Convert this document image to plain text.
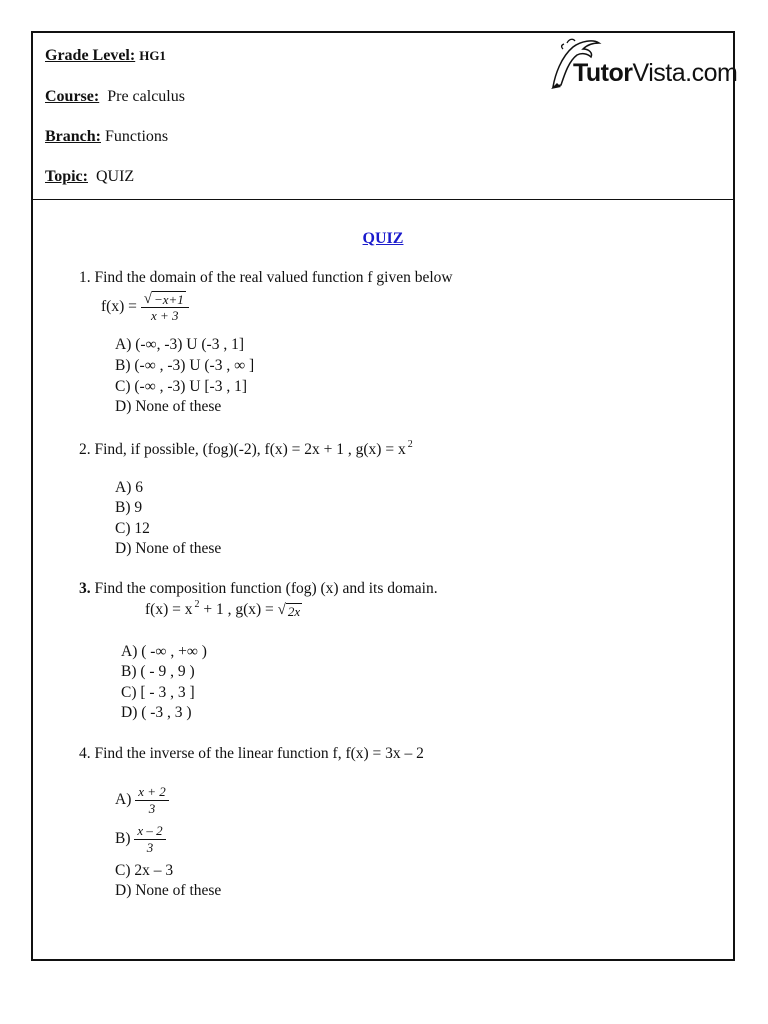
Grade Level: HG1
Course: Pre calculus
Branch: Functions
Topic: QUIZ
TutorVista.com
QUIZ
1. Find the domain of the real valued function f given below
$f(x) = \frac{√ -x+1}{x + 3}$
A) (-∞, -3) U (-3 , 1]
B) (-∞ , -3) U (-3 , ∞ ]
C) (-∞ , -3) U [-3 , 1]
D) None of these
2. Find, if possible, (fog)(-2), f(x) = 2x + 1 , g(x) = x $^2$
A) 6
B) 9
C) 12
D) None of these
3. Find the composition function (fog) (x) and its domain.
f(x) = x $^2$ + 1 , g(x) = √ 2x
A) ( -∞ , +∞ )
B) ( - 9 , 9 )
C) [ - 3 , 3 ]
D) ( -3 , 3 )
4. Find the inverse of the linear function f, f(x) = 3x – 2
$A) \frac{x + 2}{3}$
$B) \frac{x - 2}{3}$
C) 2x – 3
D) None of these
